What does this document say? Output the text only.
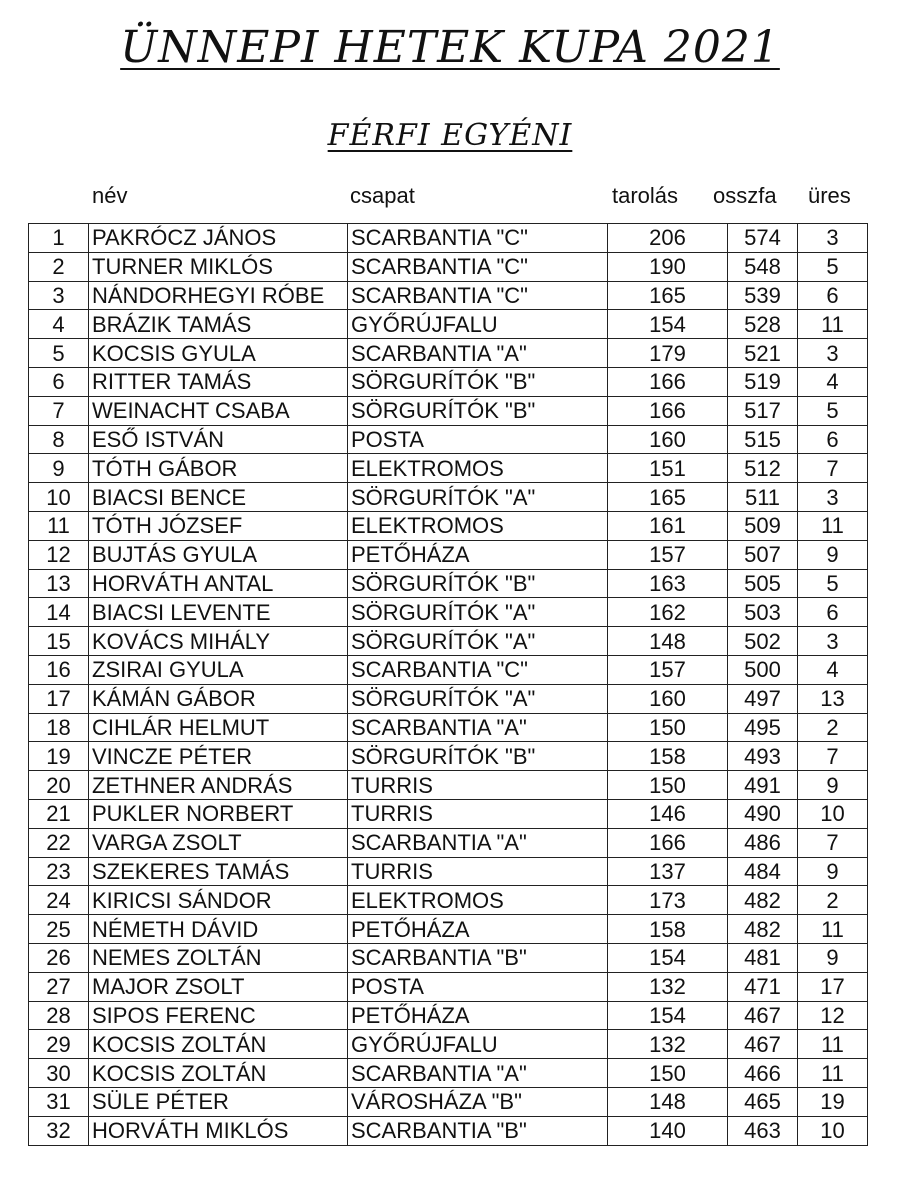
ÜNNEPI HETEK KUPA 2021
FÉRFI EGYÉNI
név	csapat	tarolás osszfa üres
1	PAKRÓCZ JÁNOS	SCARBANTIA "C"	206	574	3
2	TURNER MIKLÓS	SCARBANTIA "C"	190	548	5
3	NÁNDORHEGYI RÓBE	SCARBANTIA "C"	165	539	6
4	BRÁZIK TAMÁS	GYŐRÚJFALU	154	528	11
5	KOCSIS GYULA	SCARBANTIA "A"	179	521	3
6	RITTER TAMÁS	SÖRGURÍTÓK "B"	166	519	4
7	WEINACHT CSABA	SÖRGURÍTÓK "B"	166	517	5
8	ESŐ ISTVÁN	POSTA	160	515	6
9	TÓTH GÁBOR	ELEKTROMOS	151	512	7
10	BIACSI BENCE	SÖRGURÍTÓK "A"	165	511	3
11	TÓTH JÓZSEF	ELEKTROMOS	161	509	11
12	BUJTÁS GYULA	PETŐHÁZA	157	507	9
13	HORVÁTH ANTAL	SÖRGURÍTÓK "B"	163	505	5
14	BIACSI LEVENTE	SÖRGURÍTÓK "A"	162	503	6
15	KOVÁCS MIHÁLY	SÖRGURÍTÓK "A"	148	502	3
16	ZSIRAI GYULA	SCARBANTIA "C"	157	500	4
17	KÁMÁN GÁBOR	SÖRGURÍTÓK "A"	160	497	13
18	CIHLÁR HELMUT	SCARBANTIA "A"	150	495	2
19	VINCZE PÉTER	SÖRGURÍTÓK "B"	158	493	7
20	ZETHNER ANDRÁS	TURRIS	150	491	9
21	PUKLER NORBERT	TURRIS	146	490	10
22	VARGA ZSOLT	SCARBANTIA "A"	166	486	7
23	SZEKERES TAMÁS	TURRIS	137	484	9
24	KIRICSI SÁNDOR	ELEKTROMOS	173	482	2
25	NÉMETH DÁVID	PETŐHÁZA	158	482	11
26	NEMES ZOLTÁN	SCARBANTIA "B"	154	481	9
27	MAJOR ZSOLT	POSTA	132	471	17
28	SIPOS FERENC	PETŐHÁZA	154	467	12
29	KOCSIS ZOLTÁN	GYŐRÚJFALU	132	467	11
30	KOCSIS ZOLTÁN	SCARBANTIA "A"	150	466	11
31	SÜLE PÉTER	VÁROSHÁZA "B"	148	465	19
32	HORVÁTH MIKLÓS	SCARBANTIA "B"	140	463	10
